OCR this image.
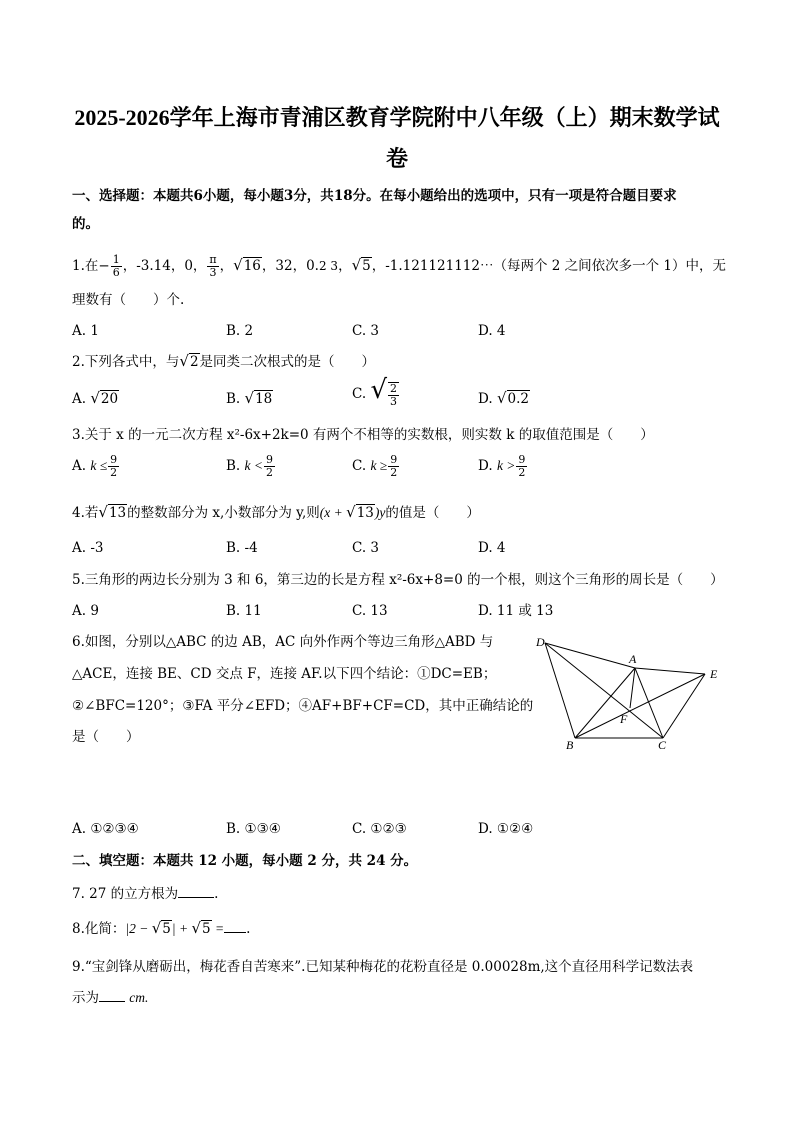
2025-2026学年上海市青浦区教育学院附中八年级（上）期末数学试
卷
一、选择题：本题共6小题，每小题3分，共18分。在每小题给出的选项中，只有一项是符合题目要求
的。
1.在− $\frac{1}{6}$ ，-3.14，0， $\frac{\pi}{3}$ ，√16，32，0.2 3，√5，-1.121121112⋯（每两个 2 之间依次多一个 1）中，无
理数有（　　）个.
A. 1	B. 2	C. 3	D. 4
2.下列各式中，与√2是同类二次根式的是（　　）
A. √20	B. √18	C. √ $\frac{2}{3}$	D. √0.2
3.关于 x 的一元二次方程 x²-6x+2k=0 有两个不相等的实数根，则实数 k 的取值范围是（　　）
A. $k \le \frac{9}{2}$	B. $k < \frac{9}{2}$	C. $k \ge \frac{9}{2}$	D. $k > \frac{9}{2}$
4.若√13的整数部分为 x,小数部分为 y,则(x + √13)y的值是（　　）
A. -3	B. -4	C. 3	D. 4
5.三角形的两边长分别为 3 和 6，第三边的长是方程 x²-6x+8=0 的一个根，则这个三角形的周长是（　　）
A. 9	B. 11	C. 13	D. 11 或 13
6.如图，分别以△ABC 的边 AB，AC 向外作两个等边三角形△ABD 与
△ACE，连接 BE、CD 交点 F，连接 AF.以下四个结论：①DC=EB；
②∠BFC=120°；③FA 平分∠EFD；④AF+BF+CF=CD，其中正确结论的
是（　　）
D
A
E
F
B	C
A. ①②③④	B. ①③④	C. ①②③	D. ①②④
二、填空题：本题共 12 小题，每小题 2 分，共 24 分。
7. 27 的立方根为	.
8.化简：|2 − √5| + √5 = .
9.“宝剑锋从磨砺出，梅花香自苦寒来”.已知某种梅花的花粉直径是 0.00028m,这个直径用科学记数法表
示为 cm.
